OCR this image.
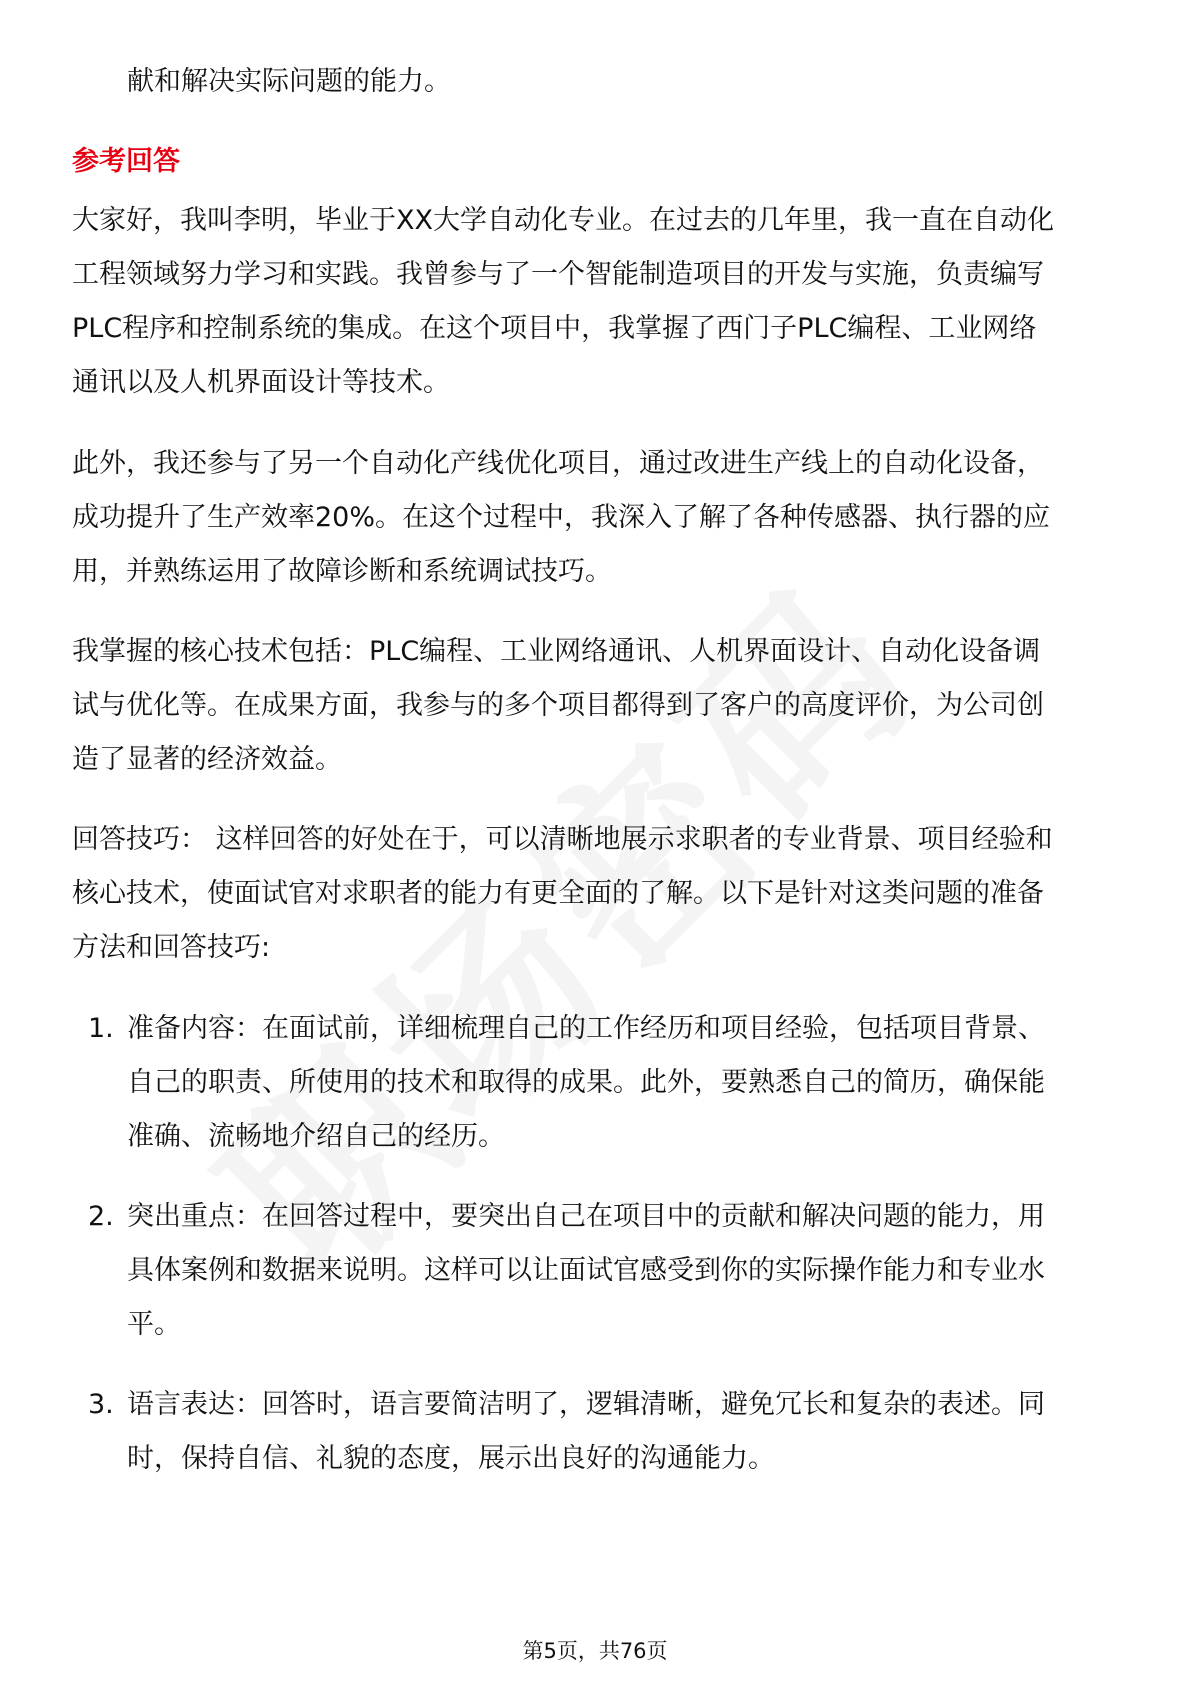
献和解决实际问题的能力。
参考回答
大家好，我叫李明，毕业于XX大学自动化专业。在过去的几年里，我一直在自动化
工程领域努力学习和实践。我曾参与了一个智能制造项目的开发与实施，负责编写
PLC程序和控制系统的集成。在这个项目中，我掌握了西门子PLC编程、工业网络
通讯以及人机界面设计等技术。
此外，我还参与了另一个自动化产线优化项目，通过改进生产线上的自动化设备，
成功提升了生产效率20%。在这个过程中，我深入了解了各种传感器、执行器的应
用，并熟练运用了故障诊断和系统调试技巧。
我掌握的核心技术包括：PLC编程、工业网络通讯、人机界面设计、自动化设备调
试与优化等。在成果方面，我参与的多个项目都得到了客户的高度评价，为公司创
造了显著的经济效益。
回答技巧： 这样回答的好处在于，可以清晰地展示求职者的专业背景、项目经验和
核心技术，使面试官对求职者的能力有更全面的了解。以下是针对这类问题的准备
方法和回答技巧:
1. 准备内容：在面试前，详细梳理自己的工作经历和项目经验，包括项目背景、
自己的职责、所使用的技术和取得的成果。此外，要熟悉自己的简历，确保能
准确、流畅地介绍自己的经历。
2. 突出重点：在回答过程中，要突出自己在项目中的贡献和解决问题的能力，用
具体案例和数据来说明。这样可以让面试官感受到你的实际操作能力和专业水
平。
3. 语言表达：回答时，语言要简洁明了，逻辑清晰，避免冗长和复杂的表述。同
时，保持自信、礼貌的态度，展示出良好的沟通能力。
第5页，共76页
